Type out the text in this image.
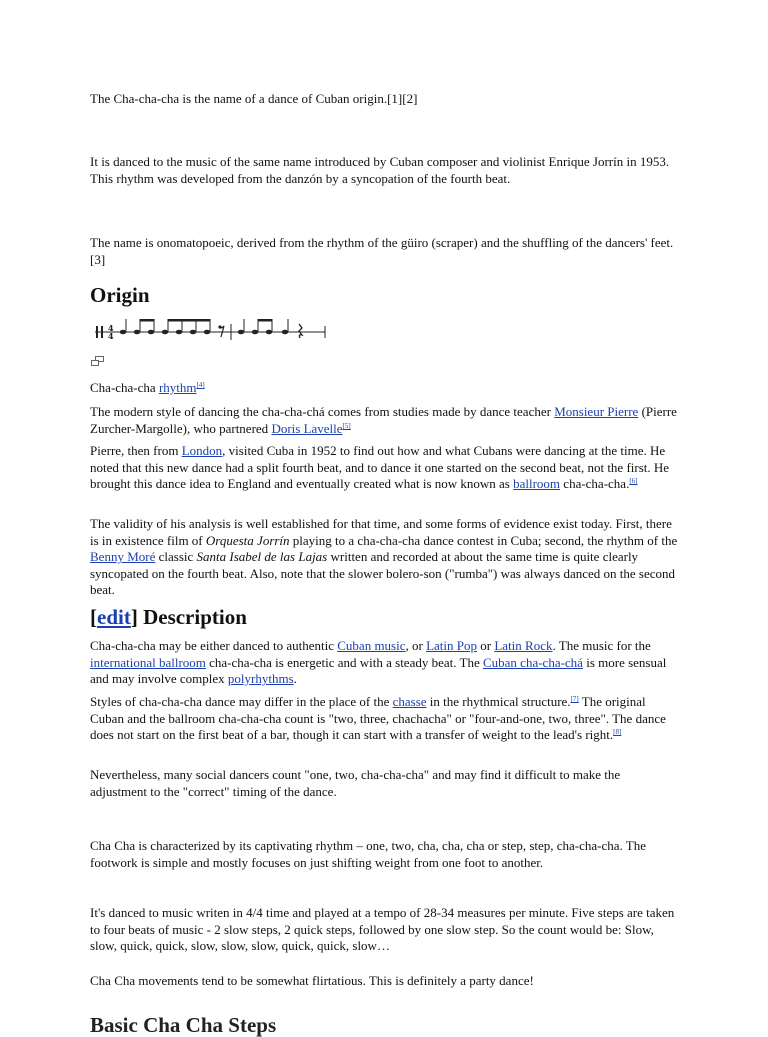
The Cha-cha-cha is the name of a dance of Cuban origin.[1][2]

It is danced to the music of the same name introduced by Cuban composer and violinist Enrique Jorrín in 1953. This rhythm was developed from the danzón by a syncopation of the fourth beat.

The name is onomatopoeic, derived from the rhythm of the güiro (scraper) and the shuffling of the dancers' feet.[3]

Origin
4
4

Cha-cha-cha rhythm[4]

The modern style of dancing the cha-cha-chá comes from studies made by dance teacher Monsieur Pierre (Pierre Zurcher-Margolle), who partnered Doris Lavelle[5]

Pierre, then from London, visited Cuba in 1952 to find out how and what Cubans were dancing at the time. He noted that this new dance had a split fourth beat, and to dance it one started on the second beat, not the first. He brought this dance idea to England and eventually created what is now known as ballroom cha-cha-cha.[6]

The validity of his analysis is well established for that time, and some forms of evidence exist today. First, there is in existence film of Orquesta Jorrín playing to a cha-cha-cha dance contest in Cuba; second, the rhythm of the Benny Moré classic Santa Isabel de las Lajas written and recorded at about the same time is quite clearly syncopated on the fourth beat. Also, note that the slower bolero-son ("rumba") was always danced on the second beat.

[edit] Description

Cha-cha-cha may be either danced to authentic Cuban music, or Latin Pop or Latin Rock. The music for the international ballroom cha-cha-cha is energetic and with a steady beat. The Cuban cha-cha-chá is more sensual and may involve complex polyrhythms.

Styles of cha-cha-cha dance may differ in the place of the chasse in the rhythmical structure.[7] The original Cuban and the ballroom cha-cha-cha count is "two, three, chachacha" or "four-and-one, two, three". The dance does not start on the first beat of a bar, though it can start with a transfer of weight to the lead's right.[8]

Nevertheless, many social dancers count "one, two, cha-cha-cha" and may find it difficult to make the adjustment to the "correct" timing of the dance.

Cha Cha is characterized by its captivating rhythm – one, two, cha, cha, cha or step, step, cha-cha-cha. The footwork is simple and mostly focuses on just shifting weight from one foot to another.

It's danced to music writen in 4/4 time and played at a tempo of 28-34 measures per minute. Five steps are taken to four beats of music - 2 slow steps, 2 quick steps, followed by one slow step. So the count would be: Slow, slow, quick, quick, slow, slow, slow, quick, quick, slow…

Cha Cha movements tend to be somewhat flirtatious. This is definitely a party dance!

Basic Cha Cha Steps
